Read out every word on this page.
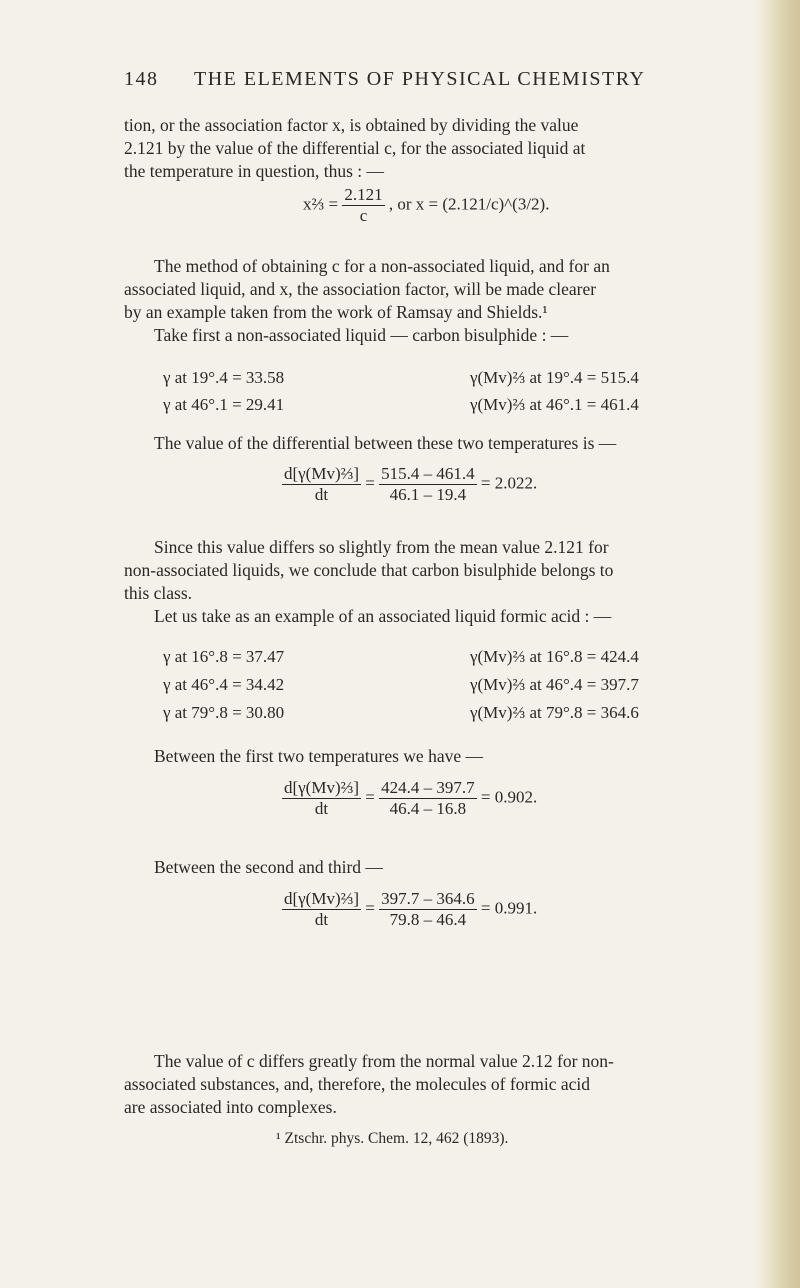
148 THE ELEMENTS OF PHYSICAL CHEMISTRY

tion, or the association factor x, is obtained by dividing the value
2.121 by the value of the differential c, for the associated liquid at
the temperature in question, thus : —

x⅔ = $\frac{2.121}{c}$ , or x = (2.121/c)^(3/2).

The method of obtaining c for a non-associated liquid, and for an
associated liquid, and x, the association factor, will be made clearer
by an example taken from the work of Ramsay and Shields.¹
Take first a non-associated liquid — carbon bisulphide : —

γ at 19°.4 = 33.58	γ(Mv)⅔ at 19°.4 = 515.4
γ at 46°.1 = 29.41	γ(Mv)⅔ at 46°.1 = 461.4

The value of the differential between these two temperatures is —

$\frac{\text{d[γ(Mv)⅔]}}{dt} = \frac{515.4 - 461.4}{46.1 - 19.4} = 2.022$.

Since this value differs so slightly from the mean value 2.121 for
non-associated liquids, we conclude that carbon bisulphide belongs to
this class.
Let us take as an example of an associated liquid formic acid : —

γ at 16°.8 = 37.47	γ(Mv)⅔ at 16°.8 = 424.4
γ at 46°.4 = 34.42	γ(Mv)⅔ at 46°.4 = 397.7
γ at 79°.8 = 30.80	γ(Mv)⅔ at 79°.8 = 364.6

Between the first two temperatures we have —

$\frac{\text{d[γ(Mv)⅔]}}{dt} = \frac{424.4 - 397.7}{46.4 - 16.8} = 0.902$.

Between the second and third —

$\frac{\text{d[γ(Mv)⅔]}}{dt} = \frac{397.7 - 364.6}{79.8 - 46.4} = 0.991$.

The value of c differs greatly from the normal value 2.12 for non-
associated substances, and, therefore, the molecules of formic acid
are associated into complexes.

¹ Ztschr. phys. Chem. 12, 462 (1893).
